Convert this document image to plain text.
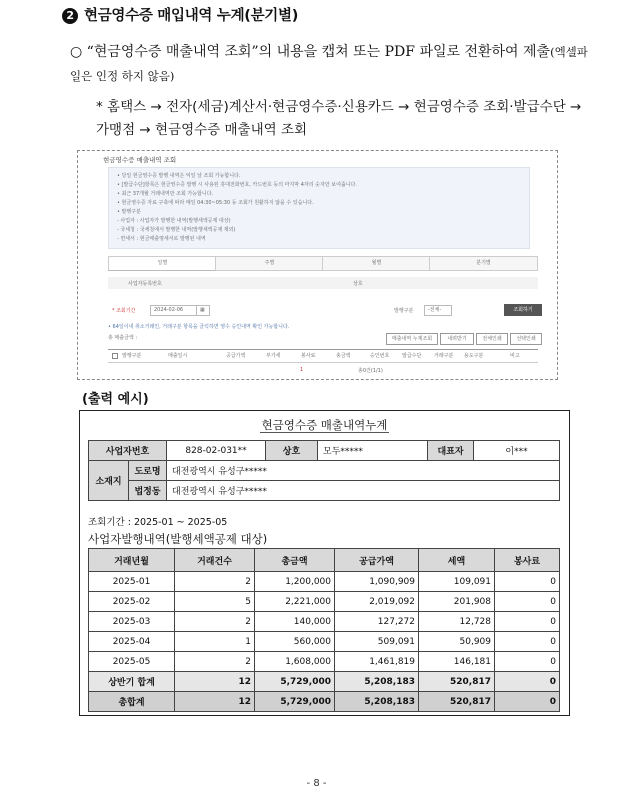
2 현금영수증 매입내역 누계(분기별)
○ “현금영수증 매출내역 조회”의 내용을 캡쳐 또는 PDF 파일로 전환하여 제출(엑셀파일은 인정 하지 않음)
* 홈택스 → 전자(세금)계산서·현금영수증·신용카드 → 현금영수증 조회·발급수단 → 가맹점 → 현금영수증 매출내역 조회
현금영수증 매출내역 조회
• 당일 현금영수증 발행 내역은 익일 날 조회 가능합니다.
• [발급수단]항목은 현금영수증 발행 시 사용된 휴대전화번호, 카드번호 등의 마지막 4자리 숫자만 보여줍니다.
• 최근 37개월 거래내역만 조회 가능합니다.
• 현금영수증 자료 구축에 따라 매일 04:30~05:30 등 조회가 원활하지 않을 수 있습니다.
• 발행구분
- 사업자 : 사업자가 발행한 내역(발행세액공제 대상)
- 국세청 : 국세청에서 발행한 내역(발행세액공제 제외)
- 면세서 : 현금매출명세서로 발행된 내역
일별	주별	월별	분기별
사업자등록번호	상호
* 조회기간	2024-02-06	▦	발행구분	-전체-	조회하기
• 64일이내 취소거래인, 거래구분 항목을 클릭하면 영수 승인내역 확인 가능합니다.
총 매출금액 :	매출내역 누계조회	내려받기	전체인쇄	선택인쇄
발행구분	매출일시	공급가액	부가세	봉사료	총금액	승인번호	발급수단	거래구분 용도구분	비고
1	총0건(1/1)
(출력 예시)
현금영수증 매출내역누계
사업자번호	828-02-031**	상호	모두*****	대표자	이***
소재지	도로명	대전광역시 유성구*****
	법정동	대전광역시 유성구*****
조회기간 : 2025-01 ~ 2025-05
사업자발행내역(발행세액공제 대상)
거래년월	거래건수	총금액	공급가액	세액	봉사료
2025-01	2	1,200,000	1,090,909	109,091	0
2025-02	5	2,221,000	2,019,092	201,908	0
2025-03	2	140,000	127,272	12,728	0
2025-04	1	560,000	509,091	50,909	0
2025-05	2	1,608,000	1,461,819	146,181	0
상반기 합계	12	5,729,000	5,208,183	520,817	0
총합계	12	5,729,000	5,208,183	520,817	0
- 8 -
